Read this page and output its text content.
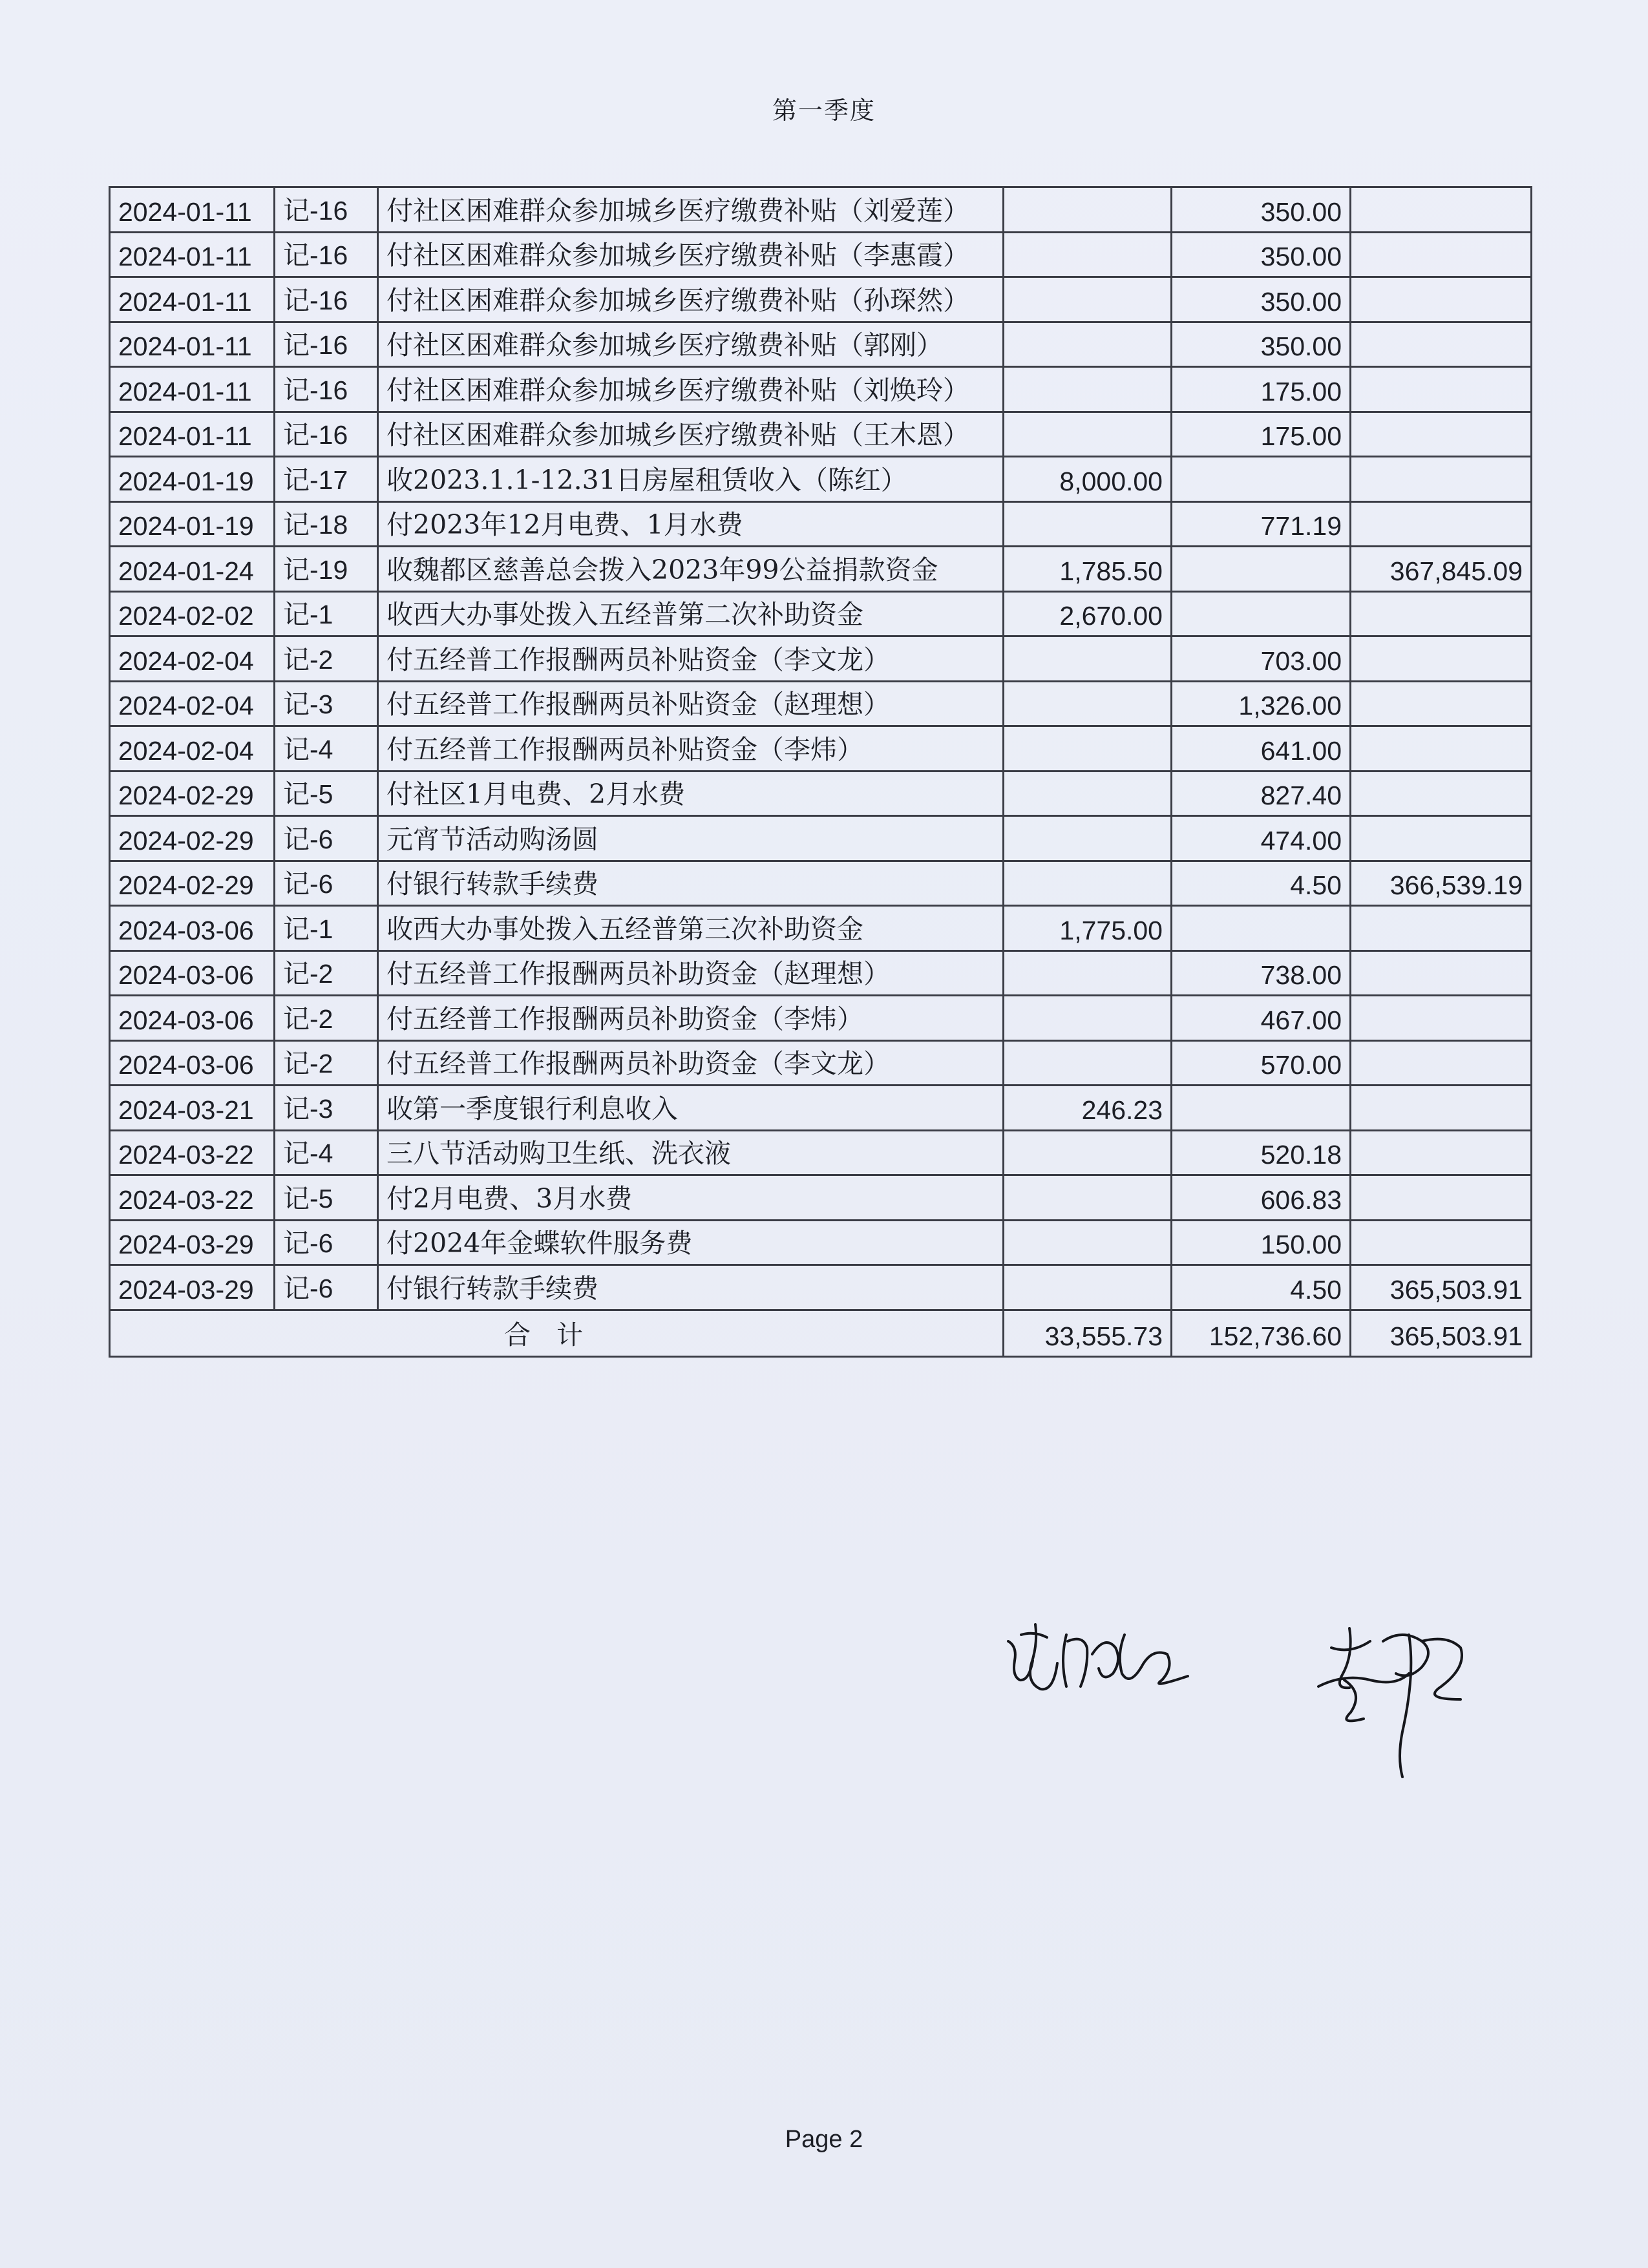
第一季度
2024-01-11	记-16	付社区困难群众参加城乡医疗缴费补贴（刘爱莲）		350.00	
2024-01-11	记-16	付社区困难群众参加城乡医疗缴费补贴（李惠霞）		350.00	
2024-01-11	记-16	付社区困难群众参加城乡医疗缴费补贴（孙琛然）		350.00	
2024-01-11	记-16	付社区困难群众参加城乡医疗缴费补贴（郭刚）		350.00	
2024-01-11	记-16	付社区困难群众参加城乡医疗缴费补贴（刘焕玲）		175.00	
2024-01-11	记-16	付社区困难群众参加城乡医疗缴费补贴（王木恩）		175.00	
2024-01-19	记-17	收2023.1.1-12.31日房屋租赁收入（陈红）	8,000.00		
2024-01-19	记-18	付2023年12月电费、1月水费		771.19	
2024-01-24	记-19	收魏都区慈善总会拨入2023年99公益捐款资金	1,785.50		367,845.09
2024-02-02	记-1	收西大办事处拨入五经普第二次补助资金	2,670.00		
2024-02-04	记-2	付五经普工作报酬两员补贴资金（李文龙）		703.00	
2024-02-04	记-3	付五经普工作报酬两员补贴资金（赵理想）		1,326.00	
2024-02-04	记-4	付五经普工作报酬两员补贴资金（李炜）		641.00	
2024-02-29	记-5	付社区1月电费、2月水费		827.40	
2024-02-29	记-6	元宵节活动购汤圆		474.00	
2024-02-29	记-6	付银行转款手续费		4.50	366,539.19
2024-03-06	记-1	收西大办事处拨入五经普第三次补助资金	1,775.00		
2024-03-06	记-2	付五经普工作报酬两员补助资金（赵理想）		738.00	
2024-03-06	记-2	付五经普工作报酬两员补助资金（李炜）		467.00	
2024-03-06	记-2	付五经普工作报酬两员补助资金（李文龙）		570.00	
2024-03-21	记-3	收第一季度银行利息收入	246.23		
2024-03-22	记-4	三八节活动购卫生纸、洗衣液		520.18	
2024-03-22	记-5	付2月电费、3月水费		606.83	
2024-03-29	记-6	付2024年金蝶软件服务费		150.00	
2024-03-29	记-6	付银行转款手续费		4.50	365,503.91
合计			33,555.73	152,736.60	365,503.91
Page 2
